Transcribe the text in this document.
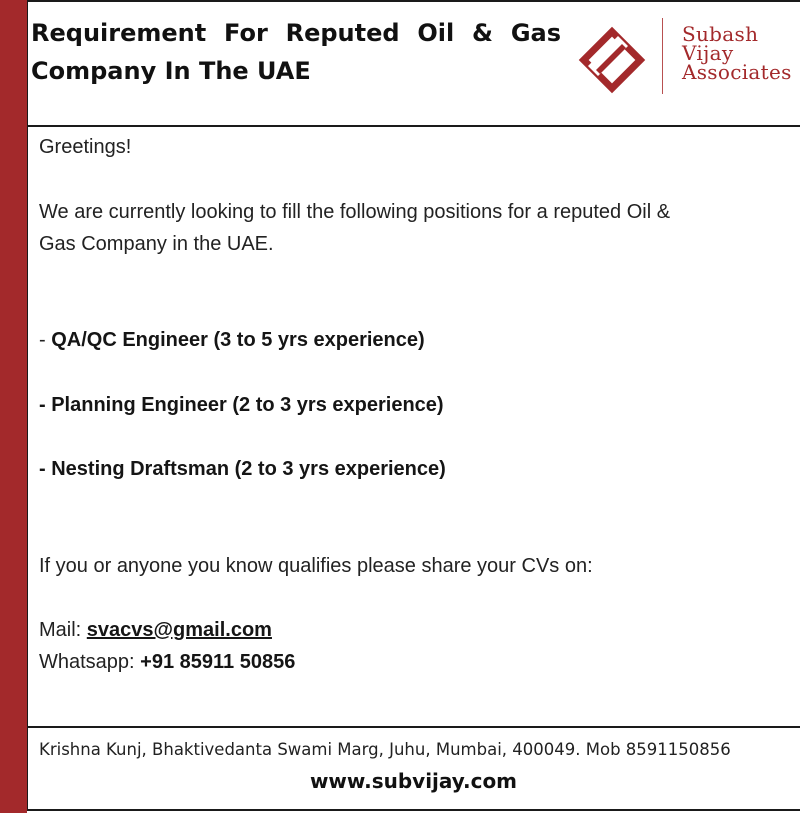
Requirement For Reputed Oil & Gas Company In The UAE
Subash
Vijay
Associates

Greetings!

We are currently looking to fill the following positions for a reputed Oil &

Gas Company in the UAE.

- QA/QC Engineer (3 to 5 yrs experience)

- Planning Engineer (2 to 3 yrs experience)

- Nesting Draftsman (2 to 3 yrs experience)

If you or anyone you know qualifies please share your CVs on:

Mail: svacvs@gmail.com

Whatsapp: +91 85911 50856

Krishna Kunj, Bhaktivedanta Swami Marg, Juhu, Mumbai, 400049. Mob 8591150856

www.subvijay.com
